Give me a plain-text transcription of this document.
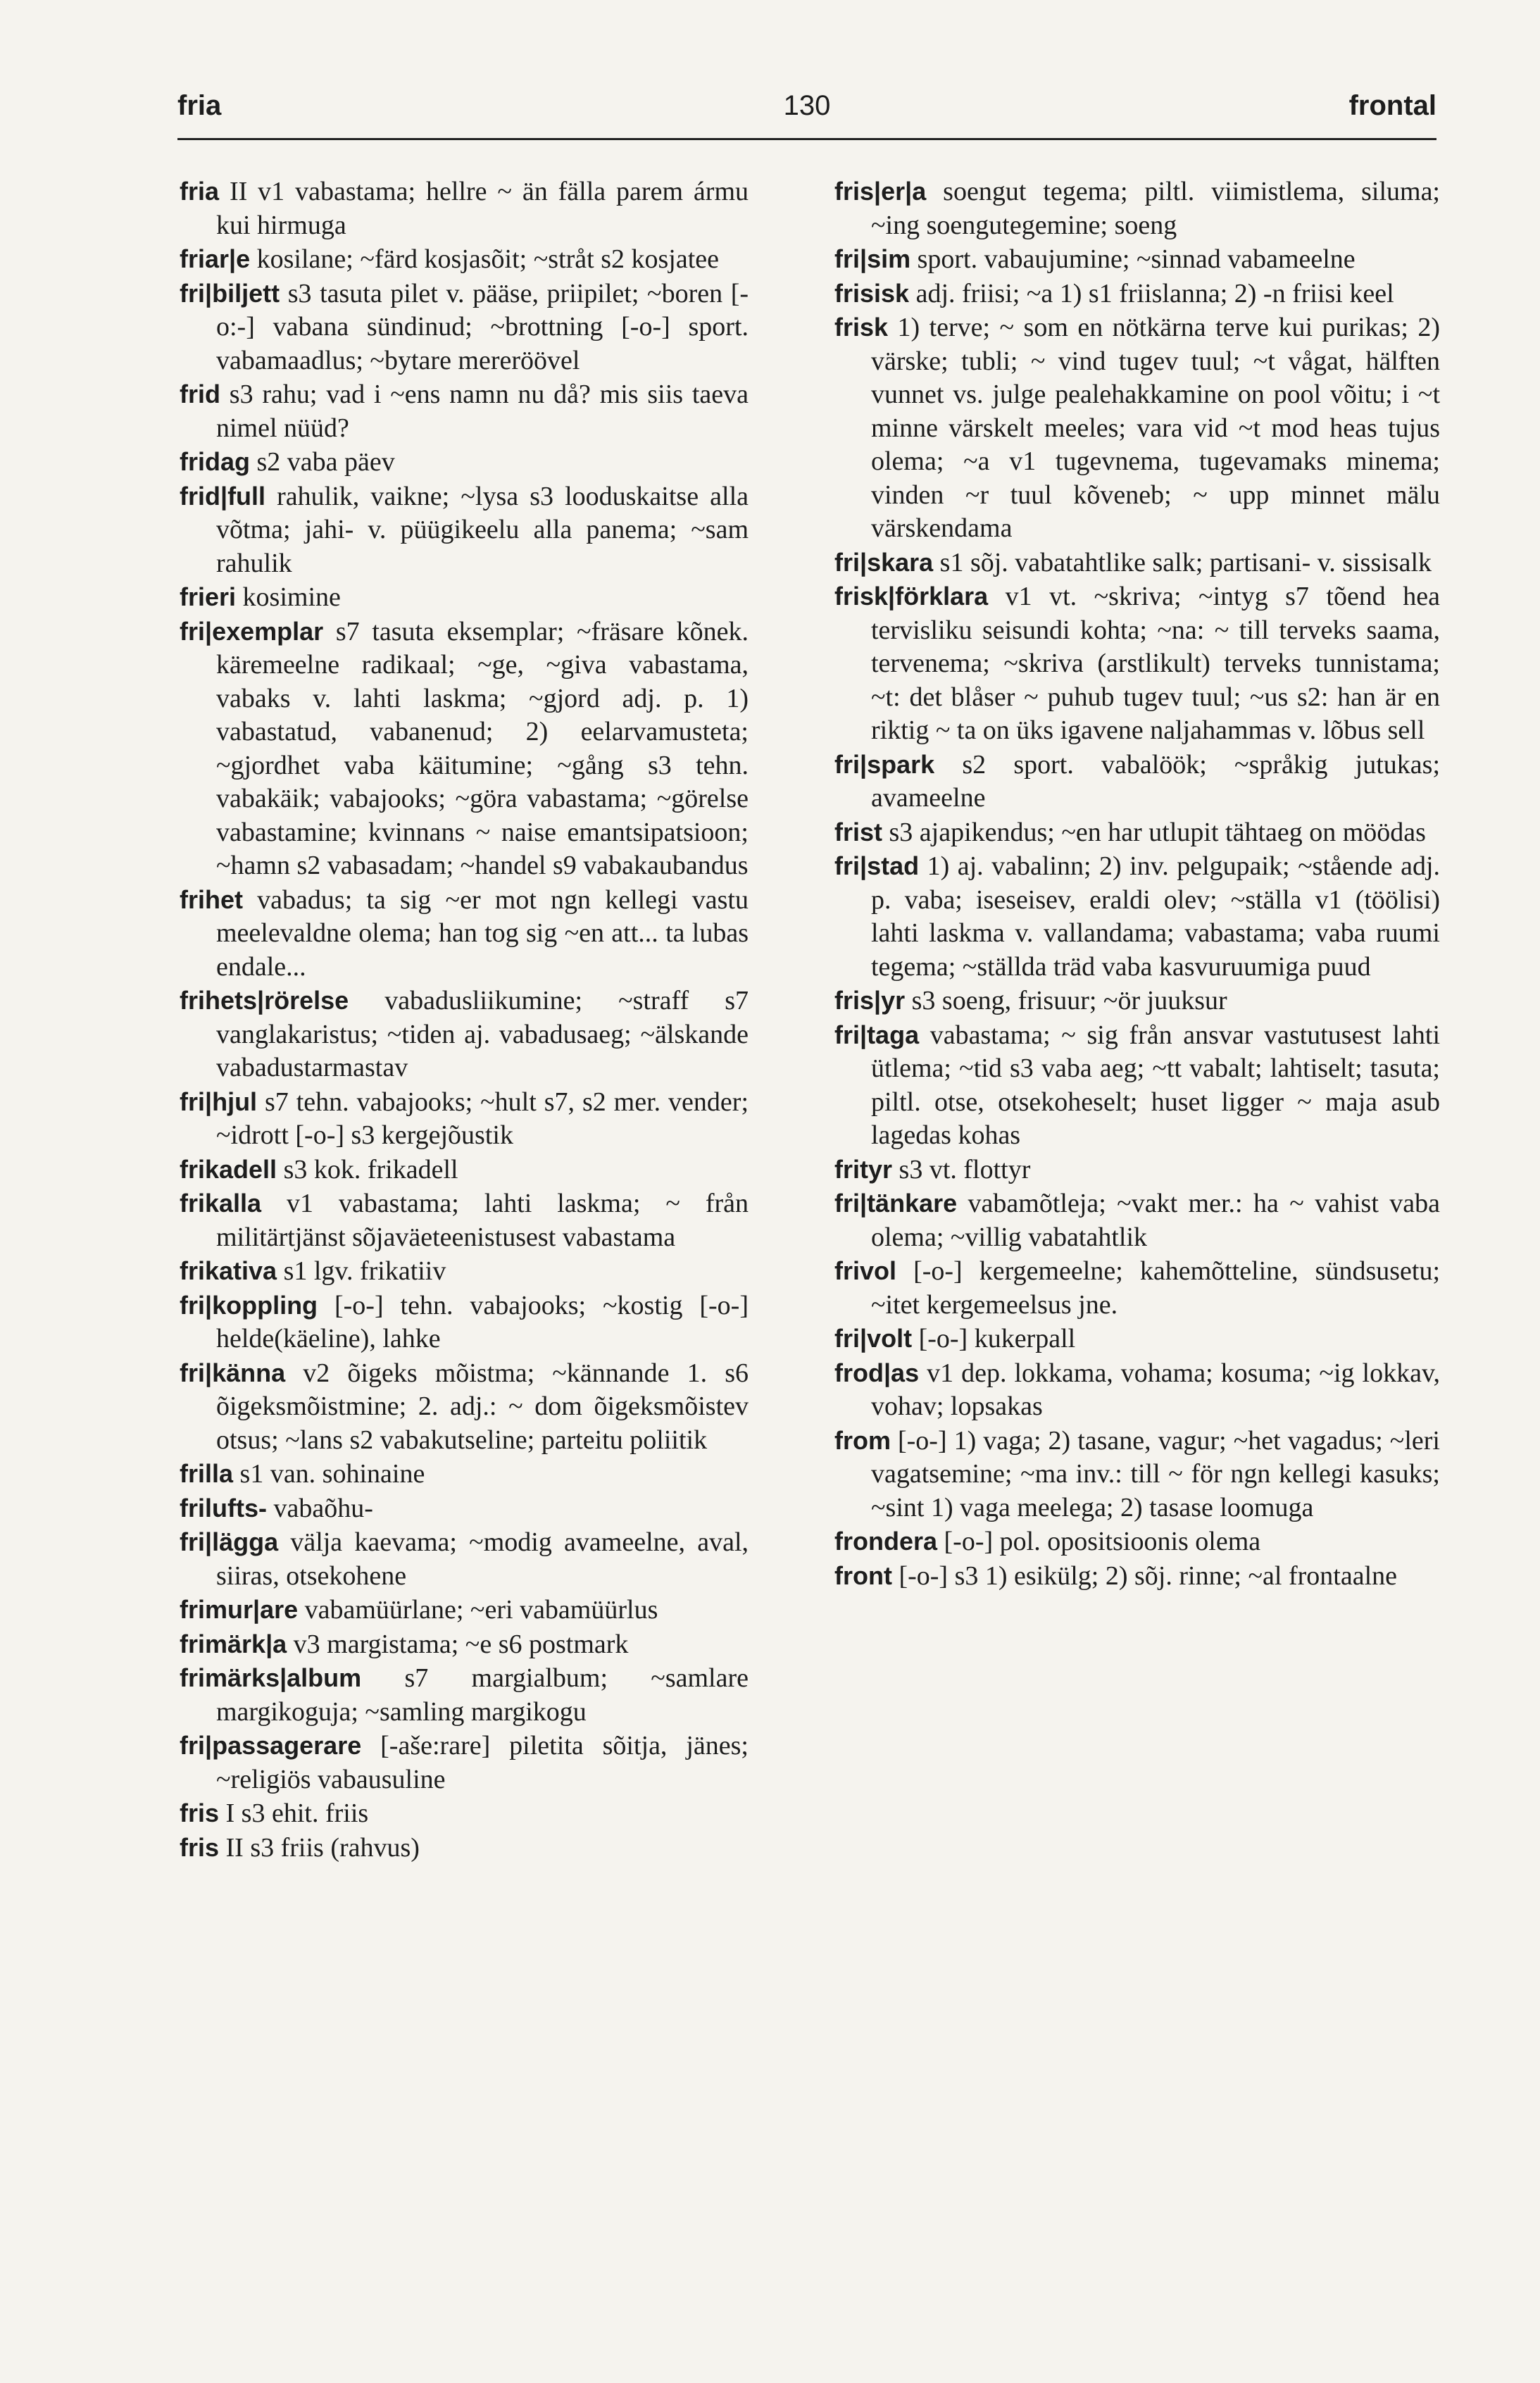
fria	130	frontal

fria II v1 vabastama; hellre ~ än fälla parem ármu kui hirmuga

friar|e kosilane; ~färd kosjasõit; ~stråt s2 kosjatee

fri|biljett s3 tasuta pilet v. pääse, priipilet; ~boren [-o:-] vabana sündinud; ~brottning [-o-] sport. vabamaadlus; ~bytare mereröövel

frid s3 rahu; vad i ~ens namn nu då? mis siis taeva nimel nüüd?

fridag s2 vaba päev

frid|full rahulik, vaikne; ~lysa s3 looduskaitse alla võtma; jahi- v. püügikeelu alla panema; ~sam rahulik

frieri kosimine

fri|exemplar s7 tasuta eksemplar; ~fräsare kõnek. käremeelne radikaal; ~ge, ~giva vabastama, vabaks v. lahti laskma; ~gjord adj. p. 1) vabastatud, vabanenud; 2) eelarvamusteta; ~gjordhet vaba käitumine; ~gång s3 tehn. vabakäik; vabajooks; ~göra vabastama; ~görelse vabastamine; kvinnans ~ naise emantsipatsioon; ~hamn s2 vabasadam; ~handel s9 vabakaubandus

frihet vabadus; ta sig ~er mot ngn kellegi vastu meelevaldne olema; han tog sig ~en att... ta lubas endale...

frihets|rörelse vabadusliikumine; ~straff s7 vanglakaristus; ~tiden aj. vabadusaeg; ~älskande vabadustarmastav

fri|hjul s7 tehn. vabajooks; ~hult s7, s2 mer. vender; ~idrott [-o-] s3 kergejõustik

frikadell s3 kok. frikadell

frikalla v1 vabastama; lahti laskma; ~ från militärtjänst sõjaväeteenistusest vabastama

frikativa s1 lgv. frikatiiv

fri|koppling [-o-] tehn. vabajooks; ~kostig [-o-] helde(käeline), lahke

fri|känna v2 õigeks mõistma; ~kännande 1. s6 õigeksmõistmine; 2. adj.: ~ dom õigeksmõistev otsus; ~lans s2 vabakutseline; parteitu poliitik

frilla s1 van. sohinaine

frilufts- vabaõhu-

fri|lägga välja kaevama; ~modig avameelne, aval, siiras, otsekohene

frimur|are vabamüürlane; ~eri vabamüürlus

frimärk|a v3 margistama; ~e s6 postmark

frimärks|album s7 margialbum; ~samlare margikoguja; ~samling margikogu

fri|passagerare [-aše:rare] piletita sõitja, jänes; ~religiös vabausuline

fris I s3 ehit. friis

fris II s3 friis (rahvus)

fris|er|a soengut tegema; piltl. viimistlema, siluma; ~ing soengutegemine; soeng

fri|sim sport. vabaujumine; ~sinnad vabameelne

frisisk adj. friisi; ~a 1) s1 friislanna; 2) -n friisi keel

frisk 1) terve; ~ som en nötkärna terve kui purikas; 2) värske; tubli; ~ vind tugev tuul; ~t vågat, hälften vunnet vs. julge pealehakkamine on pool võitu; i ~t minne värskelt meeles; vara vid ~t mod heas tujus olema; ~a v1 tugevnema, tugevamaks minema; vinden ~r tuul kõveneb; ~ upp minnet mälu värskendama

fri|skara s1 sõj. vabatahtlike salk; partisani- v. sissisalk

frisk|förklara v1 vt. ~skriva; ~intyg s7 tõend hea tervisliku seisundi kohta; ~na: ~ till terveks saama, tervenema; ~skriva (arstlikult) terveks tunnistama; ~t: det blåser ~ puhub tugev tuul; ~us s2: han är en riktig ~ ta on üks igavene naljahammas v. lõbus sell

fri|spark s2 sport. vabalöök; ~språkig jutukas; avameelne

frist s3 ajapikendus; ~en har utlupit tähtaeg on möödas

fri|stad 1) aj. vabalinn; 2) inv. pelgupaik; ~stående adj. p. vaba; iseseisev, eraldi olev; ~ställa v1 (töölisi) lahti laskma v. vallandama; vabastama; vaba ruumi tegema; ~ställda träd vaba kasvuruumiga puud

fris|yr s3 soeng, frisuur; ~ör juuksur

fri|taga vabastama; ~ sig från ansvar vastutusest lahti ütlema; ~tid s3 vaba aeg; ~tt vabalt; lahtiselt; tasuta; piltl. otse, otsekoheselt; huset ligger ~ maja asub lagedas kohas

frityr s3 vt. flottyr

fri|tänkare vabamõtleja; ~vakt mer.: ha ~ vahist vaba olema; ~villig vabatahtlik

frivol [-o-] kergemeelne; kahemõtteline, sündsusetu; ~itet kergemeelsus jne.

fri|volt [-o-] kukerpall

frod|as v1 dep. lokkama, vohama; kosuma; ~ig lokkav, vohav; lopsakas

from [-o-] 1) vaga; 2) tasane, vagur; ~het vagadus; ~leri vagatsemine; ~ma inv.: till ~ för ngn kellegi kasuks; ~sint 1) vaga meelega; 2) tasase loomuga

frondera [-o-] pol. opositsioonis olema

front [-o-] s3 1) esikülg; 2) sõj. rinne; ~al frontaalne
